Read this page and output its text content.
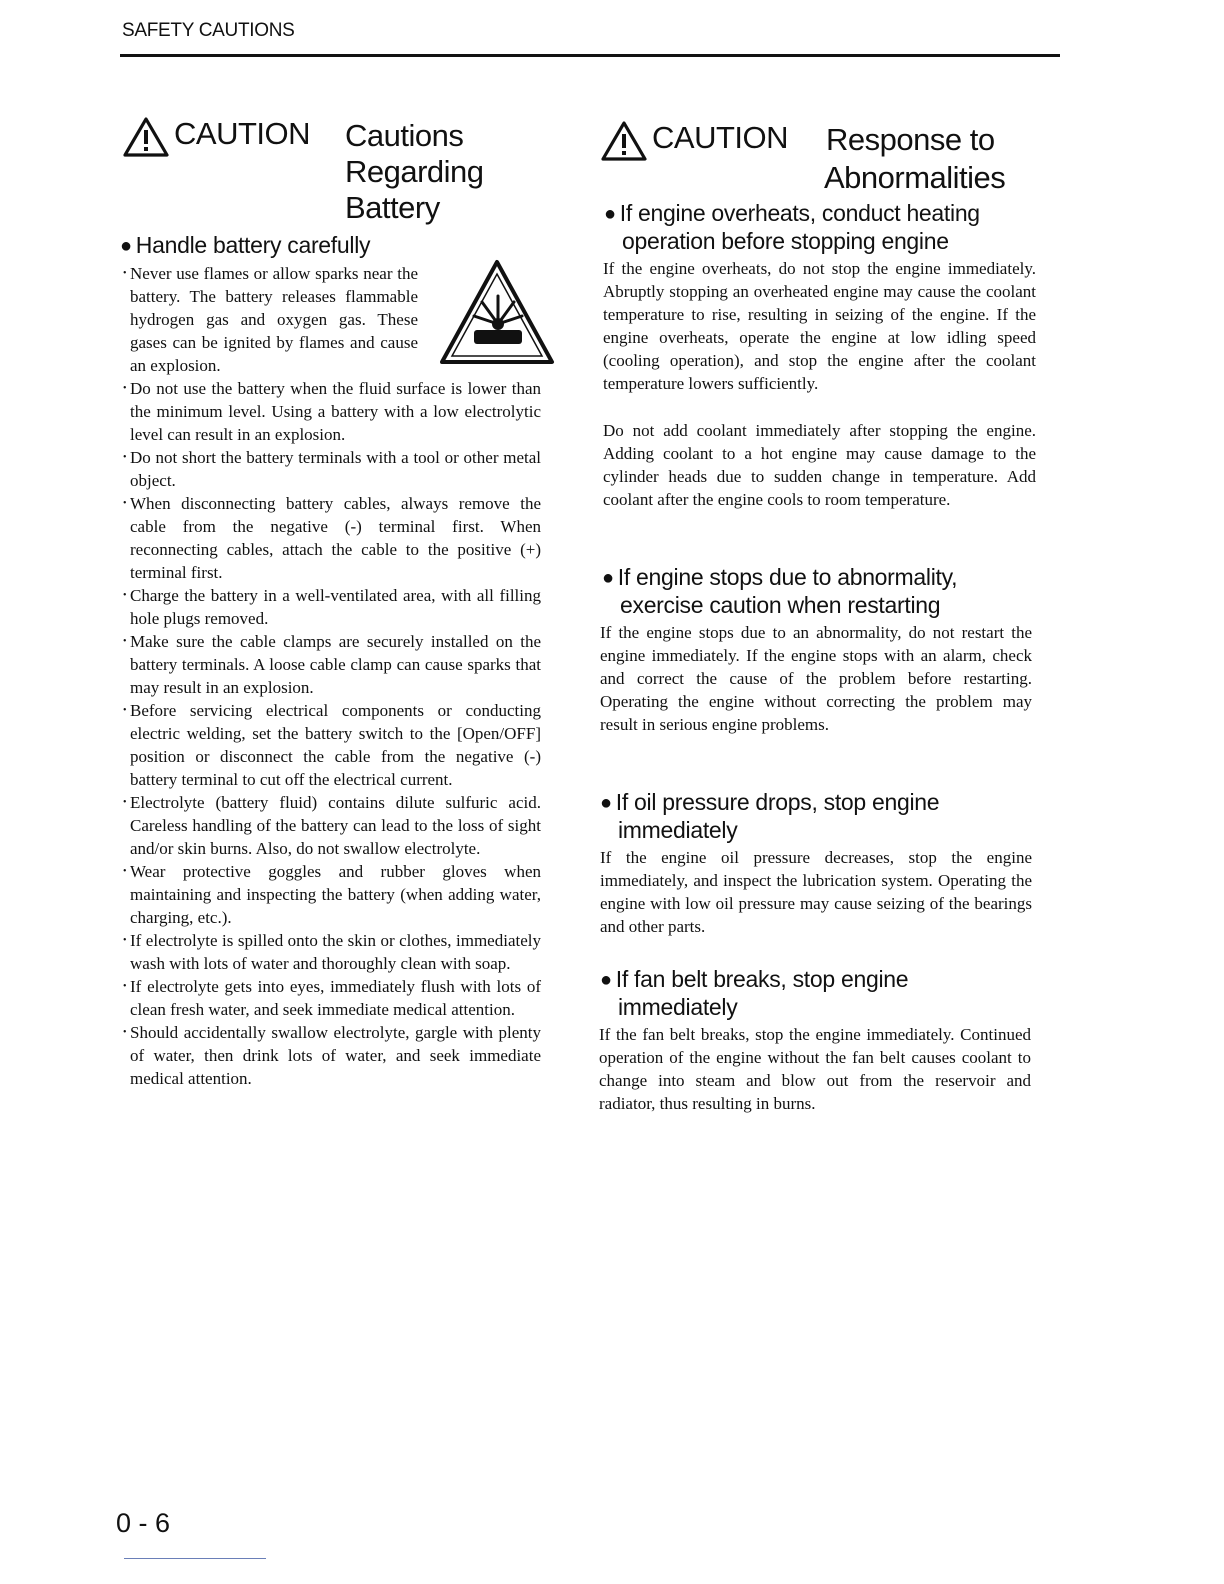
SAFETY CAUTIONS
CAUTION Cautions
Regarding
Battery
● Handle battery carefully
• Never use flames or allow sparks near the battery. The battery releases flammable hydrogen gas and oxygen gas. These gases can be ignited by flames and cause an explosion.
• Do not use the battery when the fluid surface is lower than the minimum level. Using a battery with a low electrolytic level can result in an explosion.
• Do not short the battery terminals with a tool or other metal object.
• When disconnecting battery cables, always remove the cable from the negative (-) terminal first. When reconnecting cables, attach the cable to the positive (+) terminal first.
• Charge the battery in a well-ventilated area, with all filling hole plugs removed.
• Make sure the cable clamps are securely installed on the battery terminals. A loose cable clamp can cause sparks that may result in an explosion.
• Before servicing electrical components or conducting electric welding, set the battery switch to the [Open/OFF] position or disconnect the cable from the negative (-) battery terminal to cut off the electrical current.
• Electrolyte (battery fluid) contains dilute sulfuric acid. Careless handling of the battery can lead to the loss of sight and/or skin burns. Also, do not swallow electrolyte.
• Wear protective goggles and rubber gloves when maintaining and inspecting the battery (when adding water, charging, etc.).
• If electrolyte is spilled onto the skin or clothes, immediately wash with lots of water and thoroughly clean with soap.
• If electrolyte gets into eyes, immediately flush with lots of clean fresh water, and seek immediate medical attention.
• Should accidentally swallow electrolyte, gargle with plenty of water, then drink lots of water, and seek immediate medical attention.
CAUTION Response to
Abnormalities
● If engine overheats, conduct heating
operation before stopping engine
If the engine overheats, do not stop the engine immediately. Abruptly stopping an overheated engine may cause the coolant temperature to rise, resulting in seizing of the engine. If the engine overheats, operate the engine at low idling speed (cooling operation), and stop the engine after the coolant temperature lowers sufficiently.
Do not add coolant immediately after stopping the engine. Adding coolant to a hot engine may cause damage to the cylinder heads due to sudden change in temperature. Add coolant after the engine cools to room temperature.
● If engine stops due to abnormality,
exercise caution when restarting
If the engine stops due to an abnormality, do not restart the engine immediately. If the engine stops with an alarm, check and correct the cause of the problem before restarting. Operating the engine without correcting the problem may result in serious engine problems.
● If oil pressure drops, stop engine
immediately
If the engine oil pressure decreases, stop the engine immediately, and inspect the lubrication system. Operating the engine with low oil pressure may cause seizing of the bearings and other parts.
● If fan belt breaks, stop engine
immediately
If the fan belt breaks, stop the engine immediately. Continued operation of the engine without the fan belt causes coolant to change into steam and blow out from the reservoir and radiator, thus resulting in burns.
0 - 6
